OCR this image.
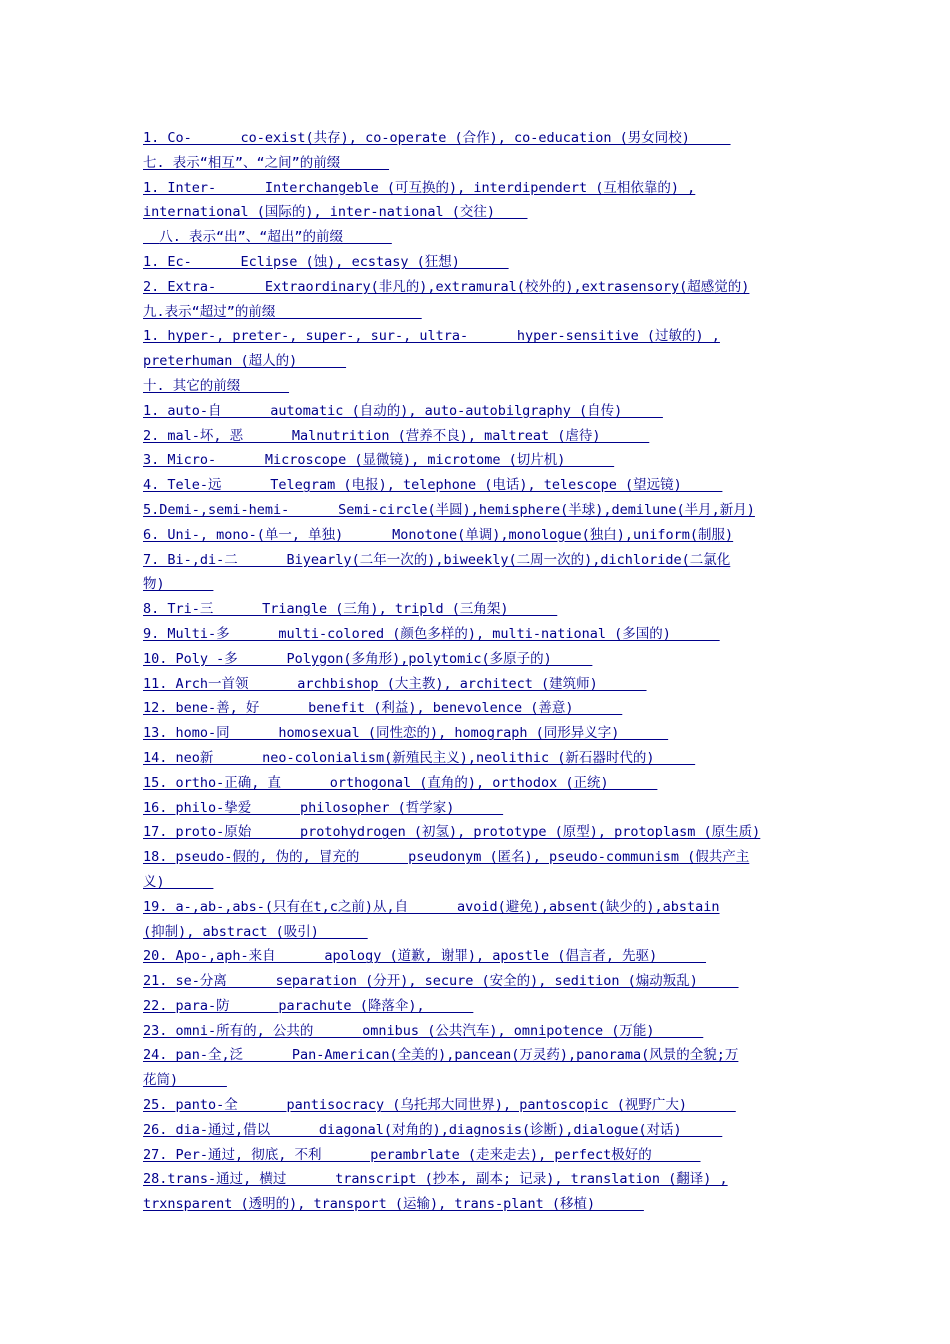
1. Co-      co-exist(共存), co-operate (合作), co-education (男女同校)
七. 表示“相互”、“之间”的前缀
1. Inter-      Interchangeble (可互换的), interdipendert (互相依靠的) ,
international (国际的), inter-national (交往)
八. 表示“出”、“超出”的前缀
1. Ec-      Eclipse (蚀), ecstasy (狂想)
2. Extra-      Extraordinary(非凡的),extramural(校外的),extrasensory(超感觉的)
九.表示“超过”的前缀
1. hyper-, preter-, super-, sur-, ultra-      hyper-sensitive (过敏的) ,
preterhuman (超人的)
十. 其它的前缀
1. auto-自      automatic (自动的), auto-autobilgraphy (自传)
2. mal-坏, 恶      Malnutrition (营养不良), maltreat (虐待)
3. Micro-      Microscope (显微镜), microtome (切片机)
4. Tele-远      Telegram (电报), telephone (电话), telescope (望远镜)
5.Demi-,semi-hemi-      Semi-circle(半圆),hemisphere(半球),demilune(半月,新月)
6. Uni-, mono-(单一, 单独)      Monotone(单调),monologue(独白),uniform(制服)
7. Bi-,di-二      Biyearly(二年一次的),biweekly(二周一次的),dichloride(二氯化
物)
8. Tri-三      Triangle (三角), tripld (三角架)
9. Multi-多      multi-colored (颜色多样的), multi-national (多国的)
10. Poly -多      Polygon(多角形),polytomic(多原子的)
11. Arch一首领      archbishop (大主教), architect (建筑师)
12. bene-善, 好      benefit (利益), benevolence (善意)
13. homo-同      homosexual (同性恋的), homograph (同形异义字)
14. neo新      neo-colonialism(新殖民主义),neolithic (新石器时代的)
15. ortho-正确, 直      orthogonal (直角的), orthodox (正统)
16. philo-挚爱      philosopher (哲学家)
17. proto-原始      protohydrogen (初氢), prototype (原型), protoplasm (原生质)
18. pseudo-假的, 伪的, 冒充的      pseudonym (匿名), pseudo-communism (假共产主
义)
19. a-,ab-,abs-(只有在t,c之前)从,自      avoid(避免),absent(缺少的),abstain
(抑制), abstract (吸引)
20. Apo-,aph-来自      apology (道歉, 谢罪), apostle (倡言者, 先驱)
21. se-分离      separation (分开), secure (安全的), sedition (煽动叛乱)
22. para-防      parachute (降落伞),
23. omni-所有的, 公共的      omnibus (公共汽车), omnipotence (万能)
24. pan-全,泛      Pan-American(全美的),pancean(万灵药),panorama(风景的全貌;万
花筒)
25. panto-全      pantisocracy (乌托邦大同世界), pantoscopic (视野广大)
26. dia-通过,借以      diagonal(对角的),diagnosis(诊断),dialogue(对话)
27. Per-通过, 彻底, 不利      perambrlate (走来走去), perfect极好的
28.trans-通过, 横过      transcript (抄本, 副本; 记录), translation (翻译) ,
trxnsparent (透明的), transport (运输), trans-plant (移植)
